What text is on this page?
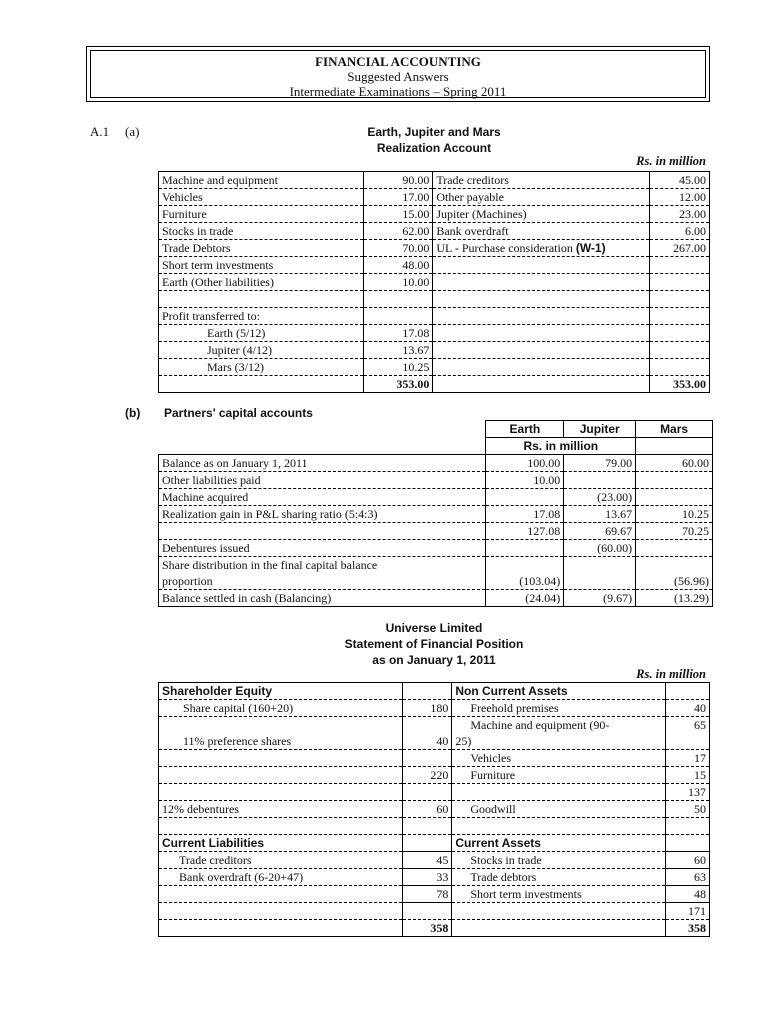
FINANCIAL ACCOUNTING
Suggested Answers
Intermediate Examinations – Spring 2011
A.1 (a)	Earth, Jupiter and Mars
Realization Account
Rs. in million
Machine and equipment	90.00	Trade creditors	45.00
Vehicles	17.00	Other payable	12.00
Furniture	15.00	Jupiter (Machines)	23.00
Stocks in trade	62.00	Bank overdraft	6.00
Trade Debtors	70.00	UL - Purchase consideration (W-1)	267.00
Short term investments	48.00		
Earth (Other liabilities)	10.00		

Profit transferred to:			
Earth (5/12)	17.08		
Jupiter (4/12)	13.67		
Mars (3/12)	10.25		
	353.00		353.00
(b) Partners' capital accounts
	Earth	Jupiter	Mars
	Rs. in million		
Balance as on January 1, 2011	100.00	79.00	60.00
Other liabilities paid	10.00		
Machine acquired		(23.00)	
Realization gain in P&L sharing ratio (5:4:3)	17.08	13.67	10.25
	127.08	69.67	70.25
Debentures issued		(60.00)	

Share distribution in the final capital balance
proportion	(103.04)		(56.96)
Balance settled in cash (Balancing)	(24.04)	(9.67)	(13.29)
Universe Limited
Statement of Financial Position
as on January 1, 2011
Rs. in million
Shareholder Equity		Non Current Assets	
Share capital (160+20)	180	Freehold premises	40
11% preference shares	40	Machine and equipment (90-
25)	65
		Vehicles	17
	220	Furniture	15
			137
12% debentures	60	Goodwill	50

Current Liabilities		Current Assets	
Trade creditors	45	Stocks in trade	60
Bank overdraft (6-20+47)	33	Trade debtors	63
	78	Short term investments	48
			171
	358		358
